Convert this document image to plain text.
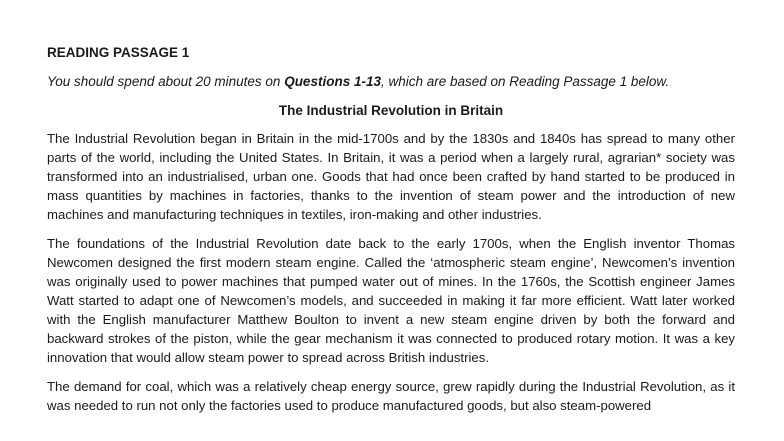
READING PASSAGE 1
You should spend about 20 minutes on Questions 1-13, which are based on Reading Passage 1 below.
The Industrial Revolution in Britain

The Industrial Revolution began in Britain in the mid-1700s and by the 1830s and 1840s has spread to many other parts of the world, including the United States. In Britain, it was a period when a largely rural, agrarian* society was transformed into an industrialised, urban one. Goods that had once been crafted by hand started to be produced in mass quantities by machines in factories, thanks to the invention of steam power and the introduction of new machines and manufacturing techniques in textiles, iron-making and other industries.

The foundations of the Industrial Revolution date back to the early 1700s, when the English inventor Thomas Newcomen designed the first modern steam engine. Called the ‘atmospheric steam engine’, Newcomen’s invention was originally used to power machines that pumped water out of mines. In the 1760s, the Scottish engineer James Watt started to adapt one of Newcomen’s models, and succeeded in making it far more efficient. Watt later worked with the English manufacturer Matthew Boulton to invent a new steam engine driven by both the forward and backward strokes of the piston, while the gear mechanism it was connected to produced rotary motion. It was a key innovation that would allow steam power to spread across British industries.

The demand for coal, which was a relatively cheap energy source, grew rapidly during the Industrial Revolution, as it was needed to run not only the factories used to produce manufactured goods, but also steam-powered
